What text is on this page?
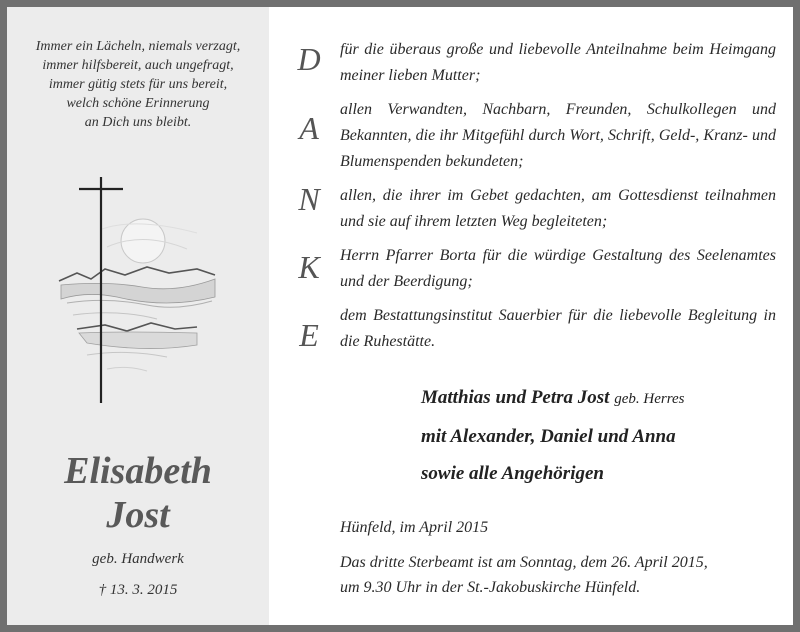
Immer ein Lächeln, niemals verzagt,
immer hilfsbereit, auch ungefragt,
immer gütig stets für uns bereit,
welch schöne Erinnerung
an Dich uns bleibt.
Elisabeth
Jost
geb. Handwerk
† 13. 3. 2015
D
A
N
K
E
für die überaus große und liebevolle Anteilnahme beim Heimgang meiner lieben Mutter;
allen Verwandten, Nachbarn, Freunden, Schulkollegen und Bekannten, die ihr Mitgefühl durch Wort, Schrift, Geld-, Kranz- und Blumenspenden bekundeten;
allen, die ihrer im Gebet gedachten, am Gottesdienst teilnahmen und sie auf ihrem letzten Weg begleiteten;
Herrn Pfarrer Borta für die würdige Gestaltung des Seelenamtes und der Beerdigung;
dem Bestattungsinstitut Sauerbier für die liebevolle Begleitung in die Ruhestätte.
Matthias und Petra Jost geb. Herres
mit Alexander, Daniel und Anna
sowie alle Angehörigen
Hünfeld, im April 2015
Das dritte Sterbeamt ist am Sonntag, dem 26. April 2015,
um 9.30 Uhr in der St.-Jakobuskirche Hünfeld.
